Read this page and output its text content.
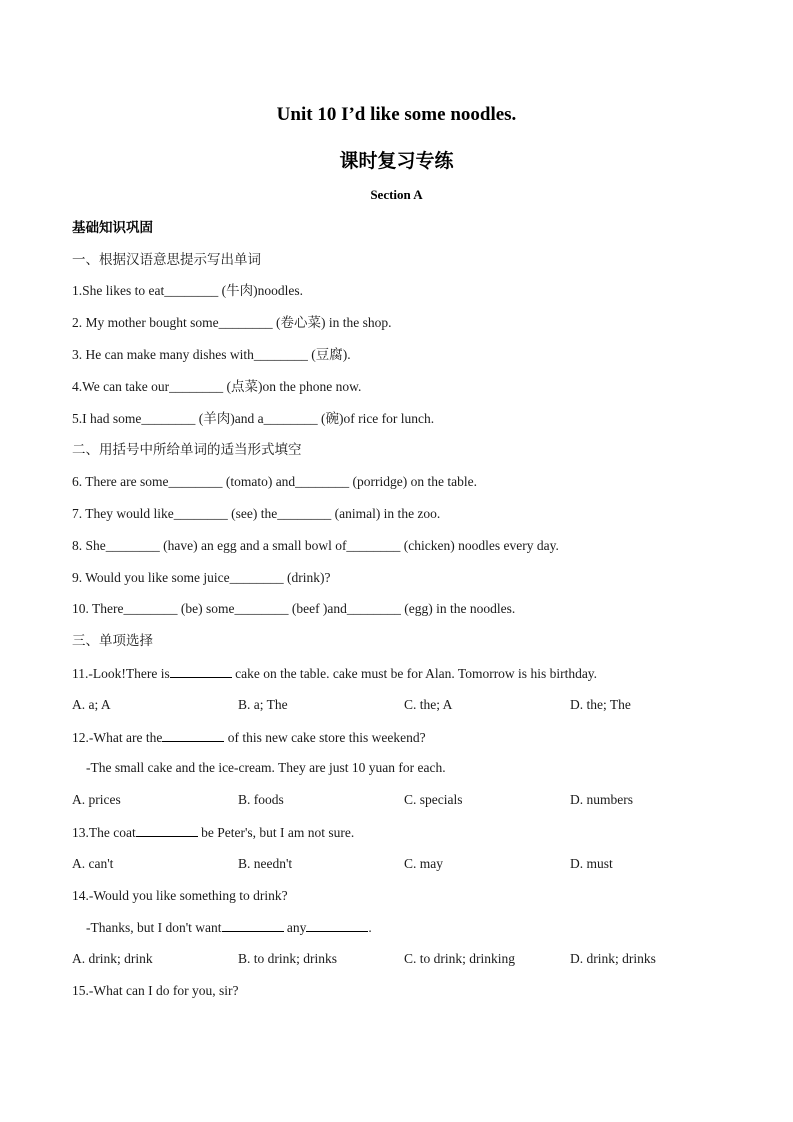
Unit 10 I’d like some noodles.
课时复习专练
Section A
基础知识巩固
一、根据汉语意思提示写出单词
1.She likes to eat________ (牛肉)noodles.
2. My mother bought some________ (卷心菜) in the shop.
3. He can make many dishes with________ (豆腐).
4.We can take our________ (点菜)on the phone now.
5.I had some________ (羊肉)and a________ (碗)of rice for lunch.
二、用括号中所给单词的适当形式填空
6. There are some________ (tomato) and________ (porridge) on the table.
7. They would like________ (see) the________ (animal) in the zoo.
8. She________ (have) an egg and a small bowl of________ (chicken) noodles every day.
9. Would you like some juice________ (drink)?
10. There________ (be) some________ (beef )and________ (egg) in the noodles.
三、单项选择
11.-Look!There is	cake on the table. cake must be for Alan. Tomorrow is his birthday.
A. a; A	B. a; The	C. the; A	D. the; The
12.-What are the	of this new cake store this weekend?
-The small cake and the ice-cream. They are just 10 yuan for each.
A. prices	B. foods	C. specials	D. numbers
13.The coat	be Peter's, but I am not sure.
A. can't	B. needn't	C. may	D. must
14.-Would you like something to drink?
-Thanks, but I don't want	any	.
A. drink; drink	B. to drink; drinks	C. to drink; drinking	D. drink; drinks
15.-What can I do for you, sir?
